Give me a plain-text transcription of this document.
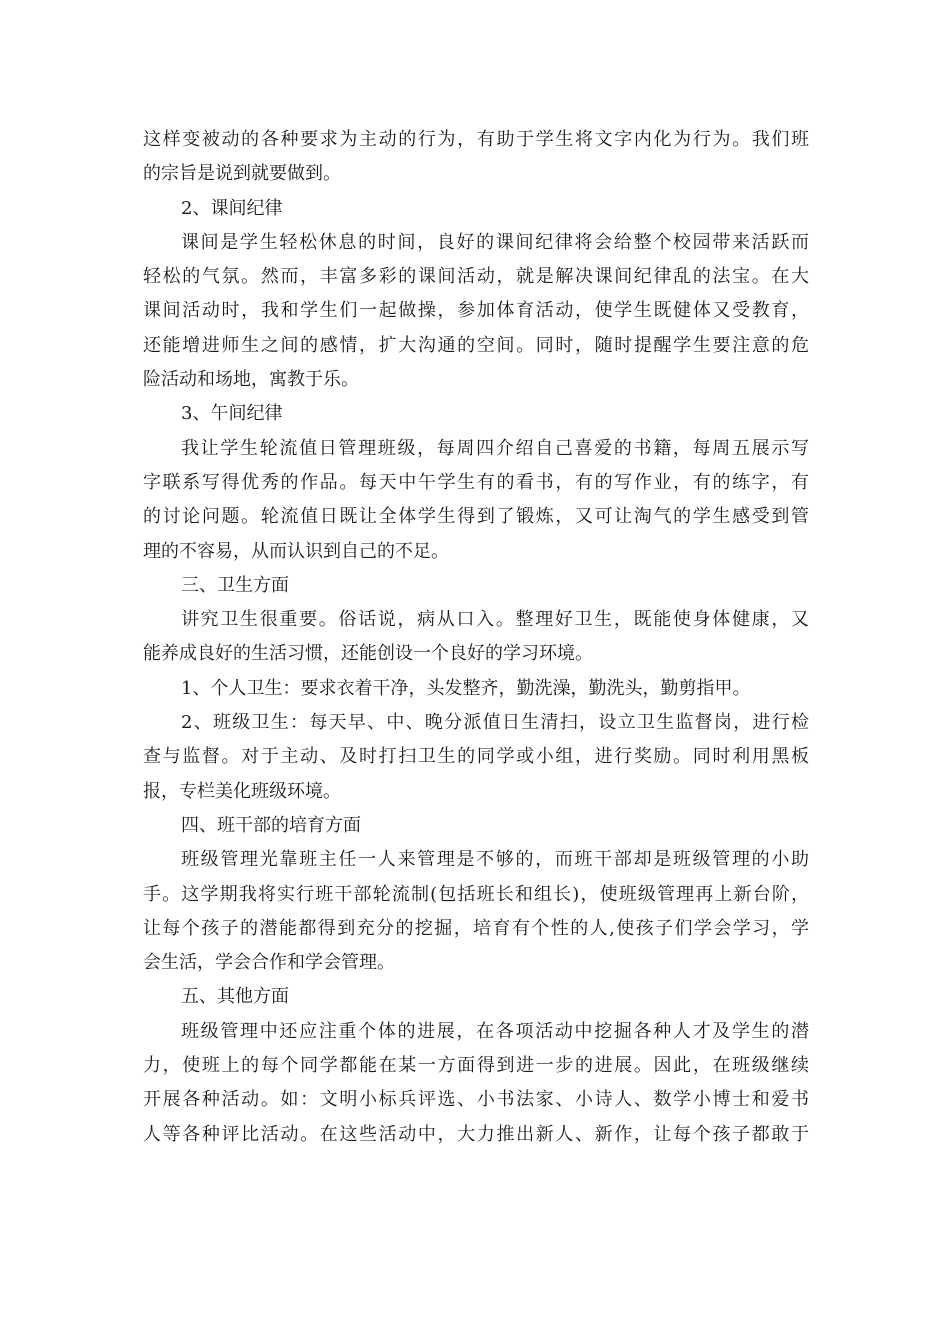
这样变被动的各种要求为主动的行为，有助于学生将文字内化为行为。我们班
的宗旨是说到就要做到。
2、课间纪律
课间是学生轻松休息的时间，良好的课间纪律将会给整个校园带来活跃而
轻松的气氛。然而，丰富多彩的课间活动，就是解决课间纪律乱的法宝。在大
课间活动时，我和学生们一起做操，参加体育活动，使学生既健体又受教育，
还能增进师生之间的感情，扩大沟通的空间。同时，随时提醒学生要注意的危
险活动和场地，寓教于乐。
3、午间纪律
我让学生轮流值日管理班级，每周四介绍自己喜爱的书籍，每周五展示写
字联系写得优秀的作品。每天中午学生有的看书，有的写作业，有的练字，有
的讨论问题。轮流值日既让全体学生得到了锻炼，又可让淘气的学生感受到管
理的不容易，从而认识到自己的不足。
三、卫生方面
讲究卫生很重要。俗话说，病从口入。整理好卫生，既能使身体健康，又
能养成良好的生活习惯，还能创设一个良好的学习环境。
1、个人卫生：要求衣着干净，头发整齐，勤洗澡，勤洗头，勤剪指甲。
2、班级卫生：每天早、中、晚分派值日生清扫，设立卫生监督岗，进行检
查与监督。对于主动、及时打扫卫生的同学或小组，进行奖励。同时利用黑板
报，专栏美化班级环境。
四、班干部的培育方面
班级管理光靠班主任一人来管理是不够的，而班干部却是班级管理的小助
手。这学期我将实行班干部轮流制(包括班长和组长)，使班级管理再上新台阶，
让每个孩子的潜能都得到充分的挖掘，培育有个性的人,使孩子们学会学习，学
会生活，学会合作和学会管理。
五、其他方面
班级管理中还应注重个体的进展，在各项活动中挖掘各种人才及学生的潜
力，使班上的每个同学都能在某一方面得到进一步的进展。因此，在班级继续
开展各种活动。如：文明小标兵评选、小书法家、小诗人、数学小博士和爱书
人等各种评比活动。在这些活动中，大力推出新人、新作，让每个孩子都敢于
